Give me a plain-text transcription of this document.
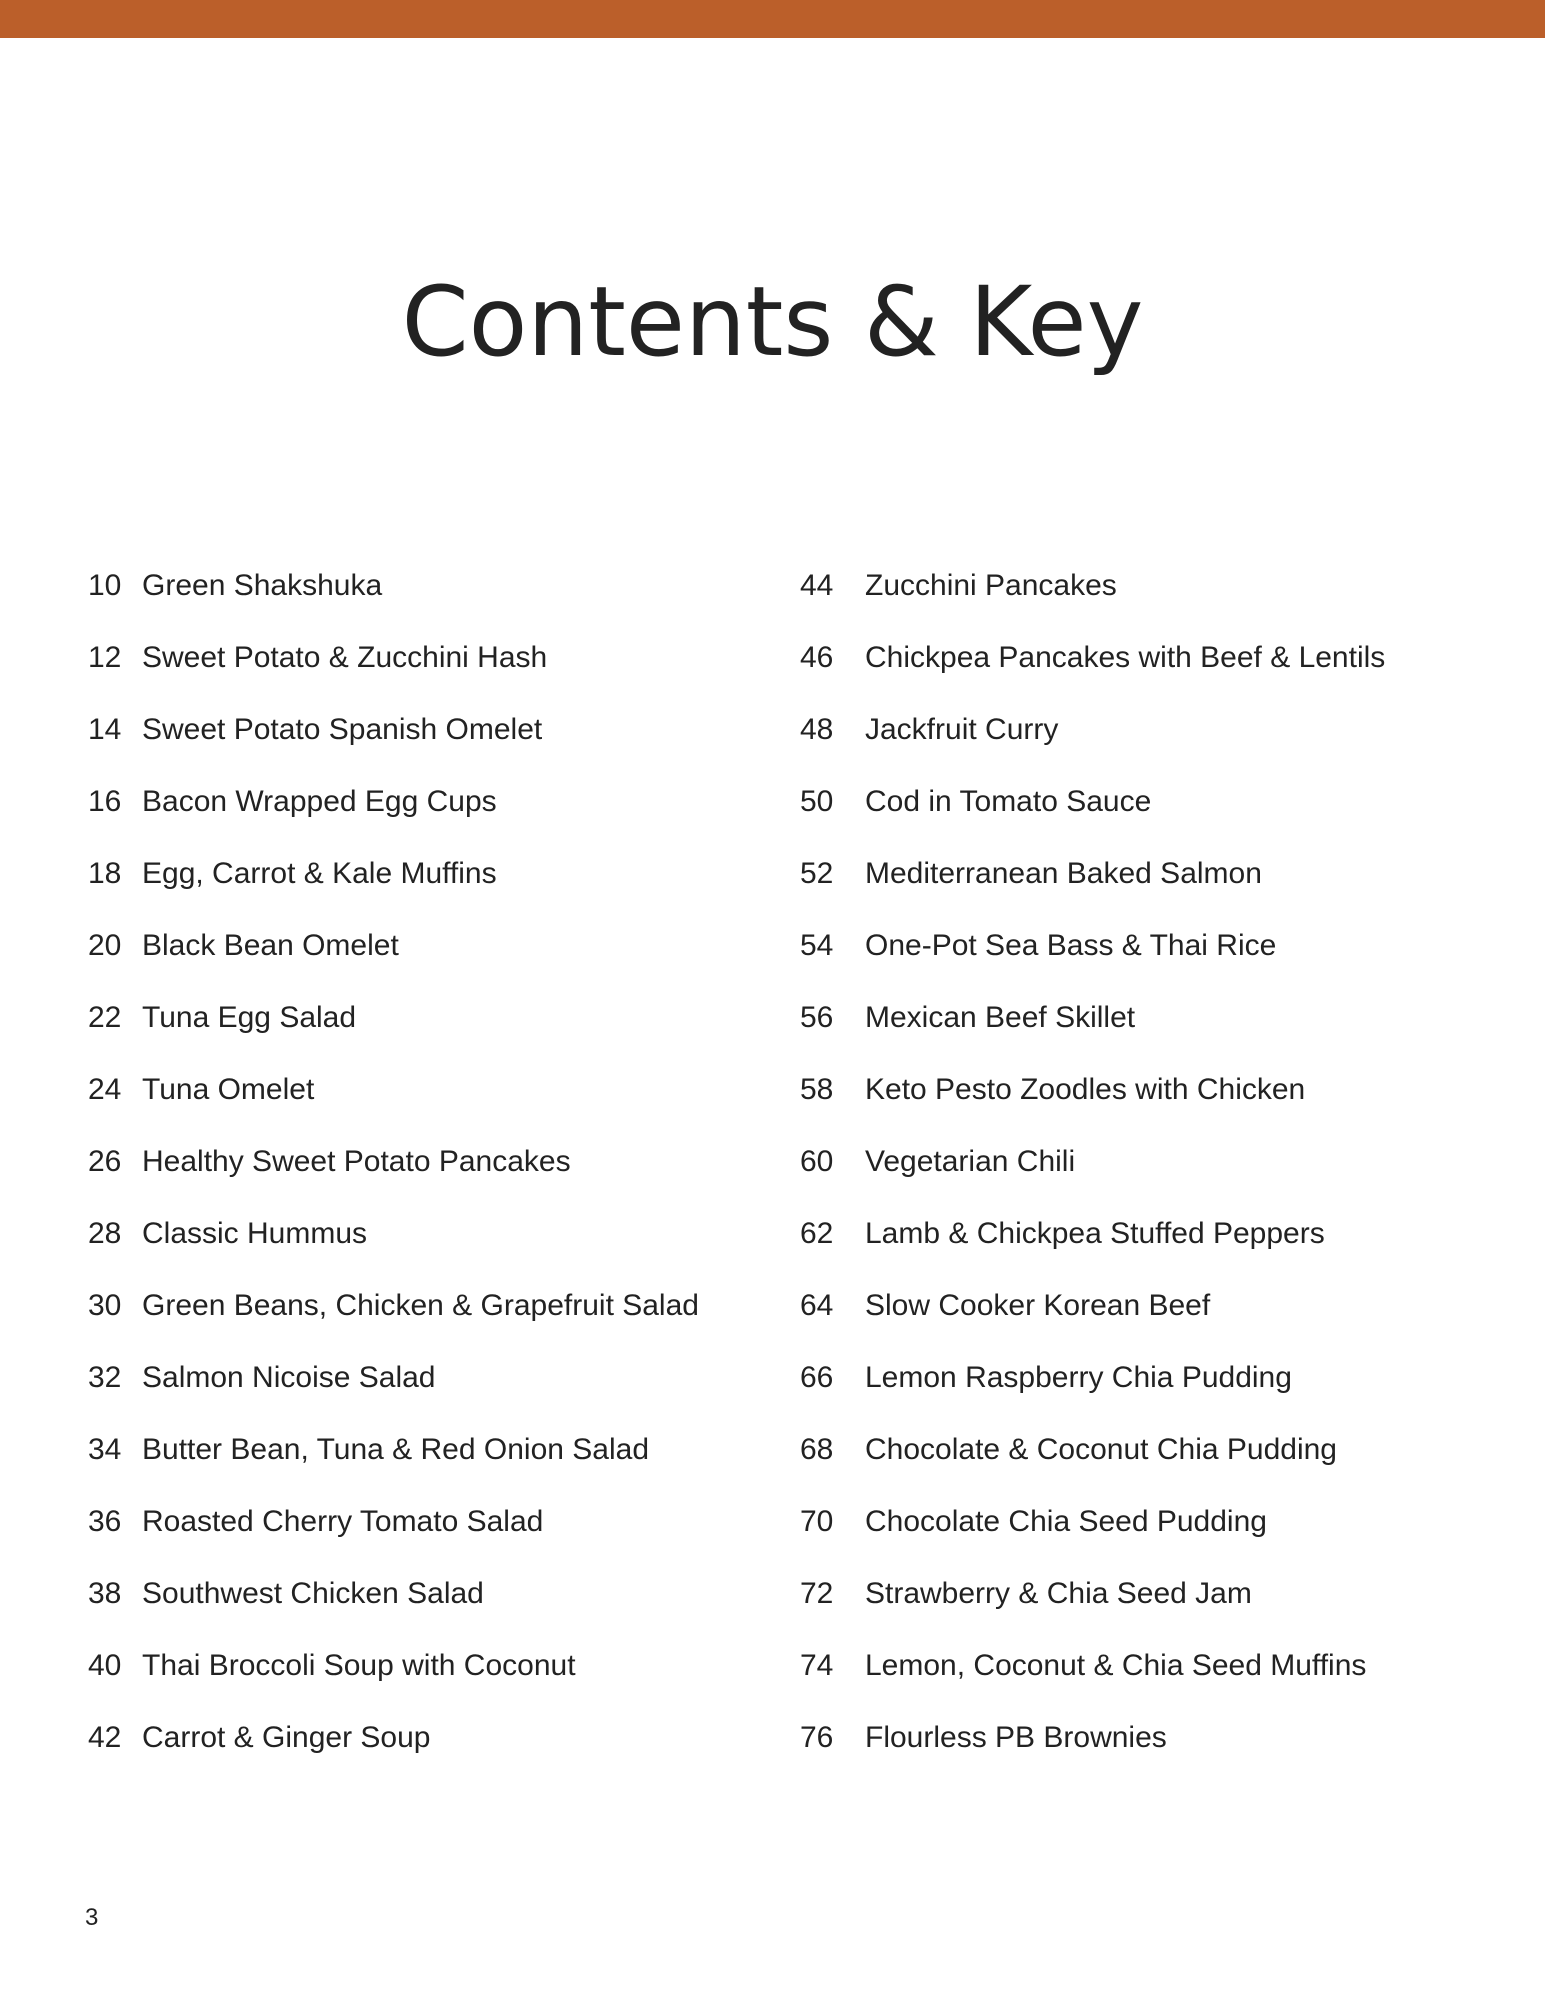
Contents & Key
10 Green Shakshuka
12 Sweet Potato & Zucchini Hash
14 Sweet Potato Spanish Omelet
16 Bacon Wrapped Egg Cups
18 Egg, Carrot & Kale Muffins
20 Black Bean Omelet
22 Tuna Egg Salad
24 Tuna Omelet
26 Healthy Sweet Potato Pancakes
28 Classic Hummus
30 Green Beans, Chicken & Grapefruit Salad
32 Salmon Nicoise Salad
34 Butter Bean, Tuna & Red Onion Salad
36 Roasted Cherry Tomato Salad
38 Southwest Chicken Salad
40 Thai Broccoli Soup with Coconut
42 Carrot & Ginger Soup
44	Zucchini Pancakes
46	Chickpea Pancakes with Beef & Lentils
48	Jackfruit Curry
50	Cod in Tomato Sauce
52	Mediterranean Baked Salmon
54	One-Pot Sea Bass & Thai Rice
56	Mexican Beef Skillet
58	Keto Pesto Zoodles with Chicken
60	Vegetarian Chili
62	Lamb & Chickpea Stuffed Peppers
64	Slow Cooker Korean Beef
66	Lemon Raspberry Chia Pudding
68	Chocolate & Coconut Chia Pudding
70	Chocolate Chia Seed Pudding
72	Strawberry & Chia Seed Jam
74	Lemon, Coconut & Chia Seed Muffins
76	Flourless PB Brownies
3
